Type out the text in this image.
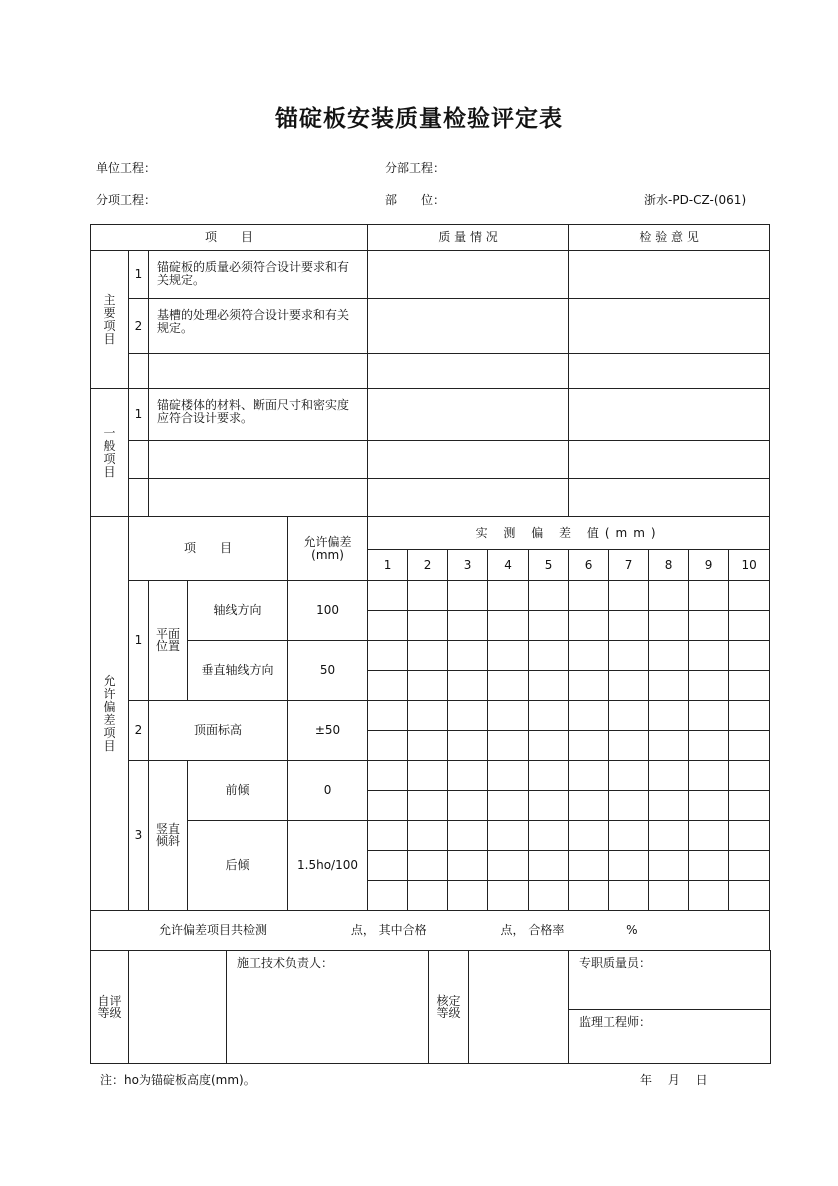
锚碇板安装质量检验评定表
单位工程：	分部工程：
分项工程：	部　　位：	浙水-PD-CZ-(061)
项　　目					质 量 情 况					检 验 意 见				
主要项目	1	锚碇板的质量必须符合设计要求和有关规定。												
	2	基槽的处理必须符合设计要求和有关规定。												

一般项目	1	锚碇楼体的材料、断面尺寸和密实度应符合设计要求。												

允许偏差项目	项　　目			允许偏差(mm)	实 测 偏 差 值(mm)									
					1	2	3	4	5	6	7	8	9	10
	1	平面位置	轴线方向	100										

			垂直轴线方向	50										

	2	顶面标高		±50										

	3	竖直倾斜	前倾	0										

			后倾	1.5ho/100										

允许偏差项目共检测 点， 其中合格 点， 合格率 %														
自评等级		施工技术负责人：	核定等级		专职质量员：
监理工程师：
注：ho为锚碇板高度(mm)。	年　 月　 日
